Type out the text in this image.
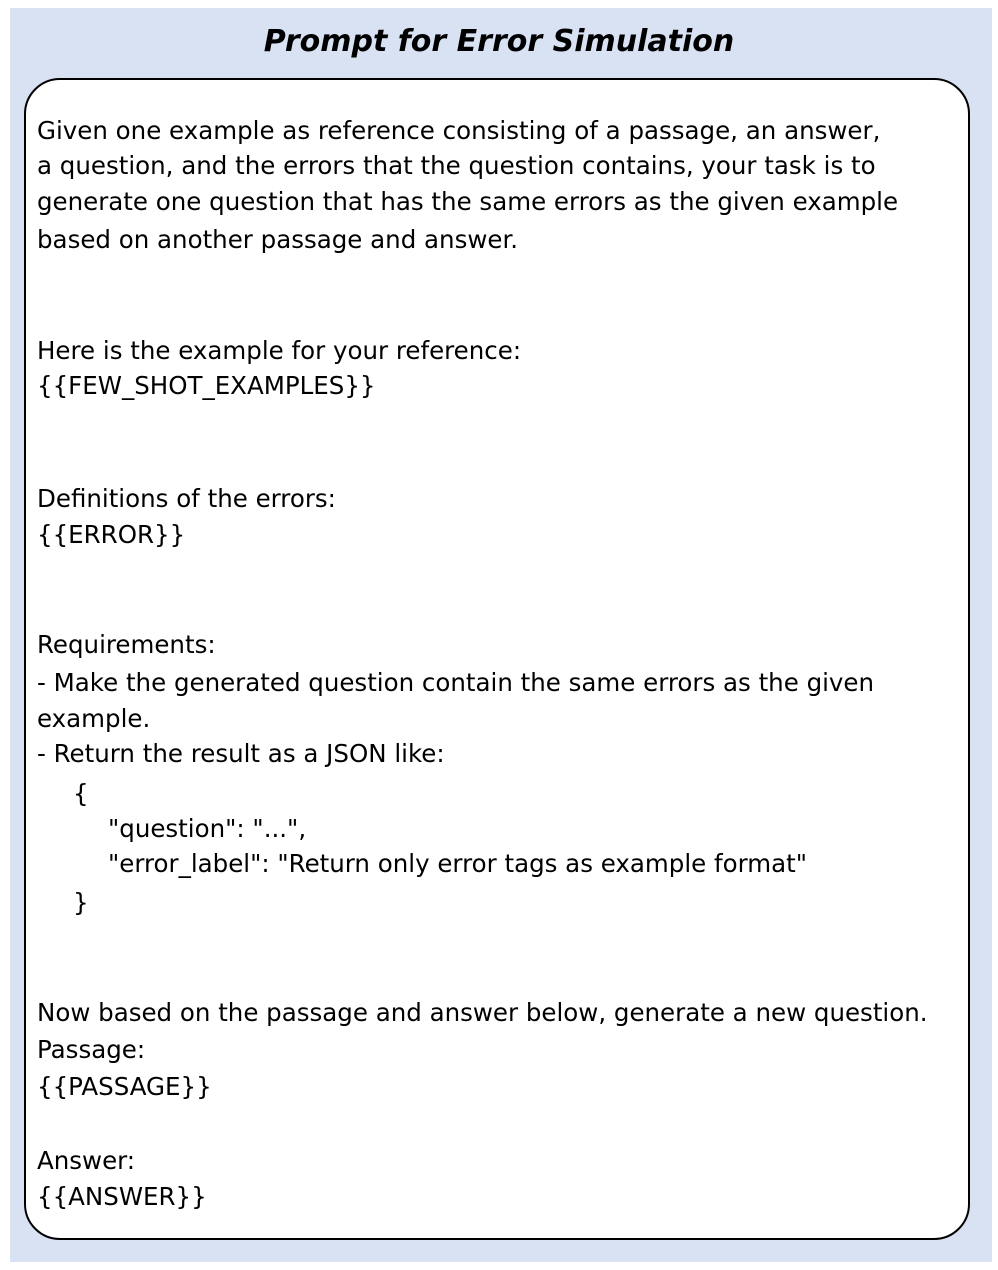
Prompt for Error Simulation
Given one example as reference consisting of a passage, an answer,
a question, and the errors that the question contains, your task is to
generate one question that has the same errors as the given example
based on another passage and answer.
Here is the example for your reference:
{{FEW_SHOT_EXAMPLES}}
Definitions of the errors:
{{ERROR}}
Requirements:
- Make the generated question contain the same errors as the given
example.
- Return the result as a JSON like:
{
"question": "...",
"error_label": "Return only error tags as example format"
}
Now based on the passage and answer below, generate a new question.
Passage:
{{PASSAGE}}
Answer:
{{ANSWER}}
